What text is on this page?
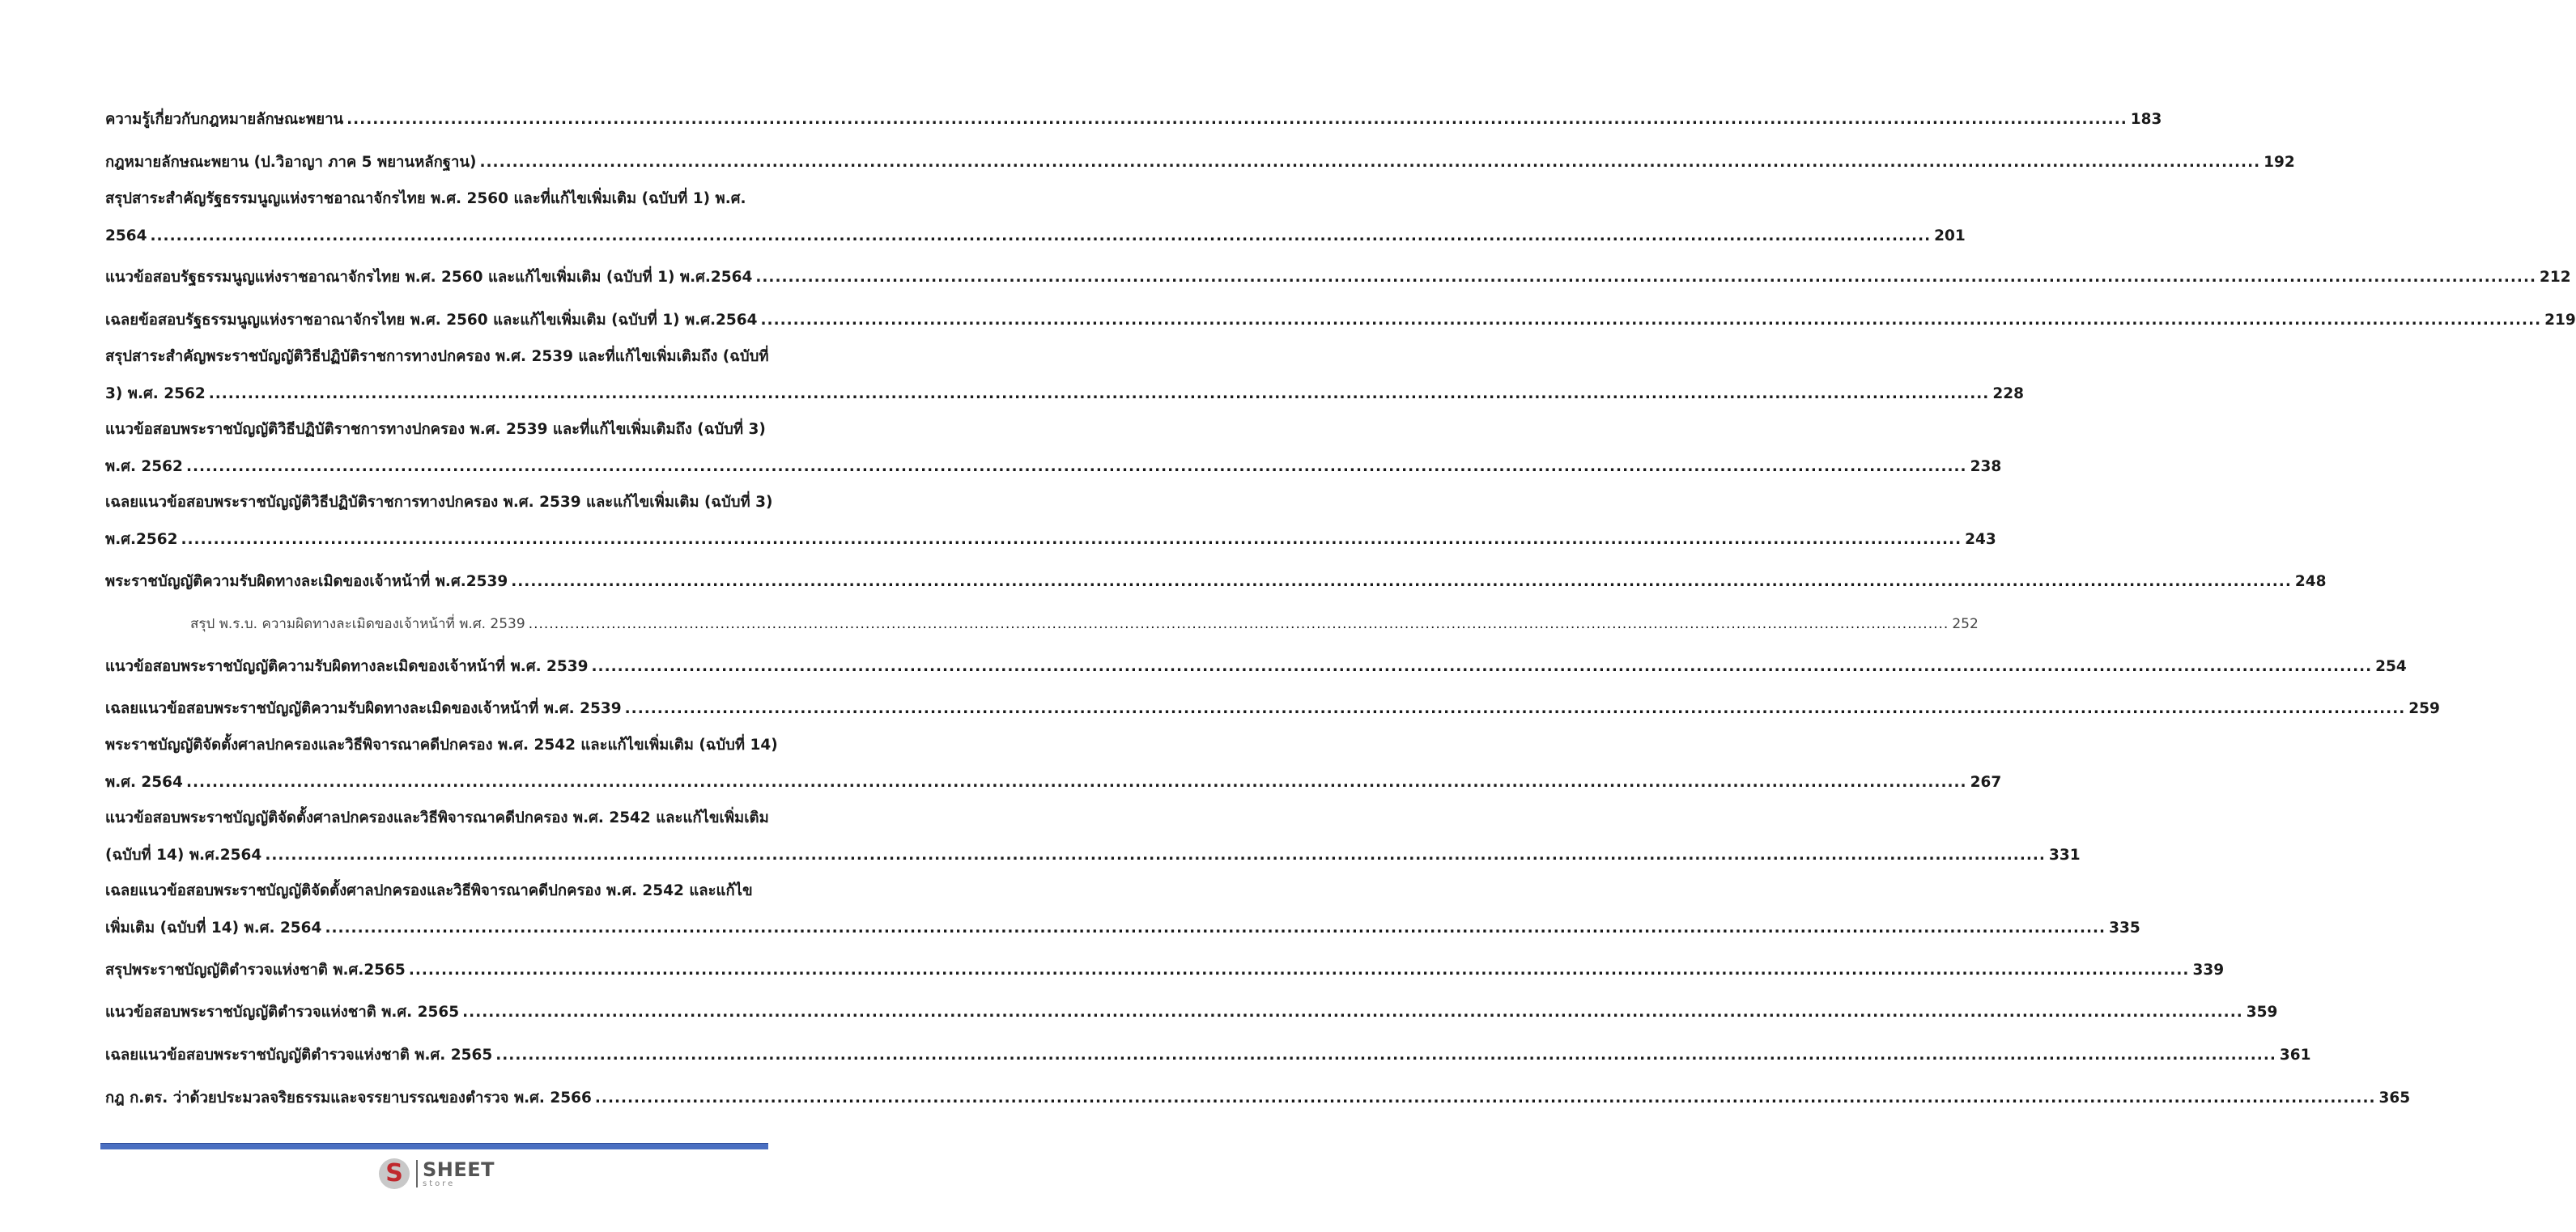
ความรู้เกี่ยวกับกฎหมายลักษณะพยาน .....	183
กฎหมายลักษณะพยาน (ป.วิอาญา ภาค 5 พยานหลักฐาน) .....	192
สรุปสาระสำคัญรัฐธรรมนูญแห่งราชอาณาจักรไทย พ.ศ. 2560 และที่แก้ไขเพิ่มเติม (ฉบับที่ 1) พ.ศ.
2564 .....	201
แนวข้อสอบรัฐธรรมนูญแห่งราชอาณาจักรไทย พ.ศ. 2560 และแก้ไขเพิ่มเติม (ฉบับที่ 1) พ.ศ.2564 .....	212
เฉลยข้อสอบรัฐธรรมนูญแห่งราชอาณาจักรไทย พ.ศ. 2560 และแก้ไขเพิ่มเติม (ฉบับที่ 1) พ.ศ.2564 .....	219
สรุปสาระสำคัญพระราชบัญญัติวิธีปฏิบัติราชการทางปกครอง พ.ศ. 2539 และที่แก้ไขเพิ่มเติมถึง (ฉบับที่
3) พ.ศ. 2562 .....	228
แนวข้อสอบพระราชบัญญัติวิธีปฏิบัติราชการทางปกครอง พ.ศ. 2539 และที่แก้ไขเพิ่มเติมถึง (ฉบับที่ 3)
พ.ศ. 2562 .....	238
เฉลยแนวข้อสอบพระราชบัญญัติวิธีปฏิบัติราชการทางปกครอง พ.ศ. 2539 และแก้ไขเพิ่มเติม (ฉบับที่ 3)
พ.ศ.2562 .....	243
พระราชบัญญัติความรับผิดทางละเมิดของเจ้าหน้าที่ พ.ศ.2539 .....	248
สรุป พ.ร.บ. ความผิดทางละเมิดของเจ้าหน้าที่ พ.ศ. 2539 .....	252
แนวข้อสอบพระราชบัญญัติความรับผิดทางละเมิดของเจ้าหน้าที่ พ.ศ. 2539 .....	254
เฉลยแนวข้อสอบพระราชบัญญัติความรับผิดทางละเมิดของเจ้าหน้าที่ พ.ศ. 2539 .....	259
พระราชบัญญัติจัดตั้งศาลปกครองและวิธีพิจารณาคดีปกครอง พ.ศ. 2542 และแก้ไขเพิ่มเติม (ฉบับที่ 14)
พ.ศ. 2564 .....	267
แนวข้อสอบพระราชบัญญัติจัดตั้งศาลปกครองและวิธีพิจารณาคดีปกครอง พ.ศ. 2542 และแก้ไขเพิ่มเติม
(ฉบับที่ 14) พ.ศ.2564 .....	331
เฉลยแนวข้อสอบพระราชบัญญัติจัดตั้งศาลปกครองและวิธีพิจารณาคดีปกครอง พ.ศ. 2542 และแก้ไข
เพิ่มเติม (ฉบับที่ 14) พ.ศ. 2564 .....	335
สรุปพระราชบัญญัติตำรวจแห่งชาติ พ.ศ.2565 .....	339
แนวข้อสอบพระราชบัญญัติตำรวจแห่งชาติ พ.ศ. 2565 .....	359
เฉลยแนวข้อสอบพระราชบัญญัติตำรวจแห่งชาติ พ.ศ. 2565 .....	361
กฎ ก.ตร. ว่าด้วยประมวลจริยธรรมและจรรยาบรรณของตำรวจ พ.ศ. 2566 .....	365
S SHEET
store
